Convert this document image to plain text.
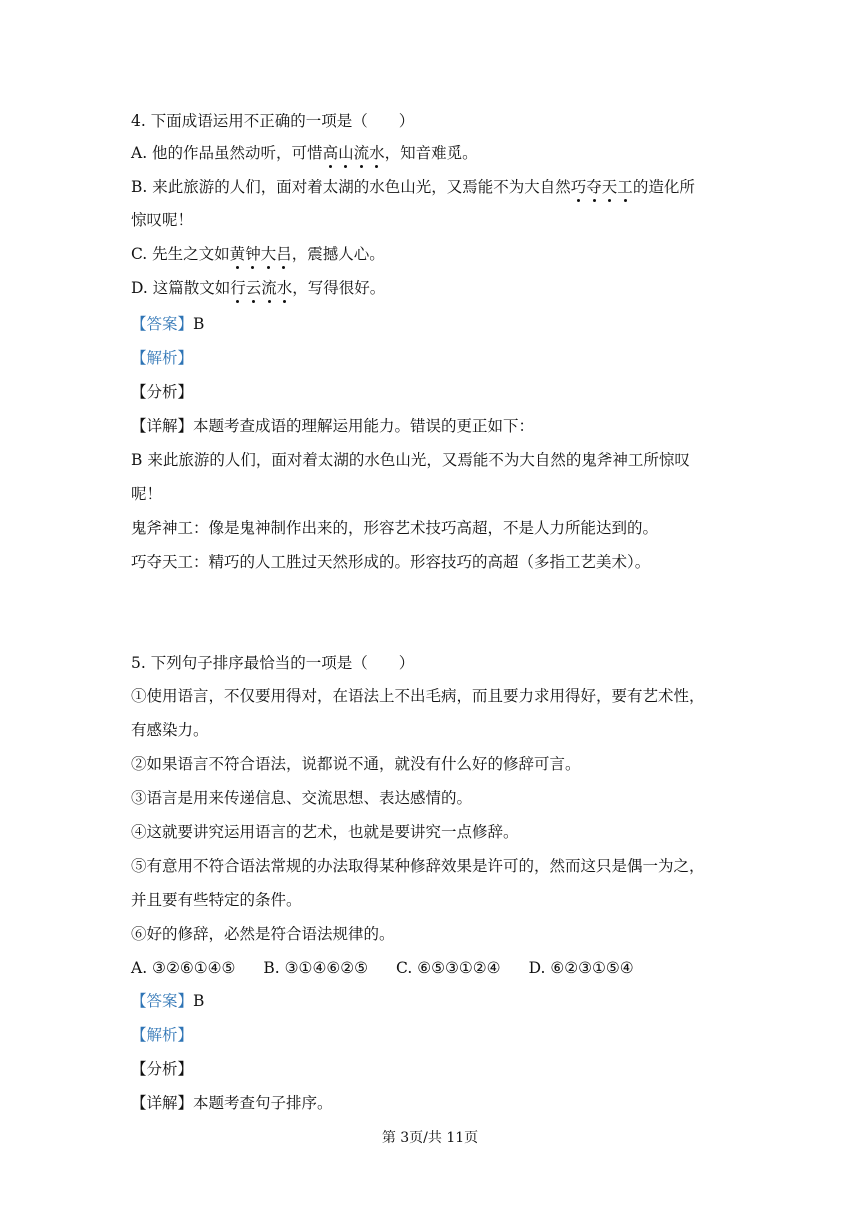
4. 下面成语运用不正确的一项是（　　）
A. 他的作品虽然动听，可惜高山流水，知音难觅。
B. 来此旅游的人们，面对着太湖的水色山光，又焉能不为大自然巧夺天工的造化所
惊叹呢！
C. 先生之文如黄钟大吕，震撼人心。
D. 这篇散文如行云流水，写得很好。
【答案】B
【解析】
【分析】
【详解】本题考查成语的理解运用能力。错误的更正如下：
B 来此旅游的人们，面对着太湖的水色山光，又焉能不为大自然的鬼斧神工所惊叹
呢！
鬼斧神工：像是鬼神制作出来的，形容艺术技巧高超，不是人力所能达到的。
巧夺天工：精巧的人工胜过天然形成的。形容技巧的高超（多指工艺美术）。
5. 下列句子排序最恰当的一项是（　　）
①使用语言，不仅要用得对，在语法上不出毛病，而且要力求用得好，要有艺术性，
有感染力。
②如果语言不符合语法，说都说不通，就没有什么好的修辞可言。
③语言是用来传递信息、交流思想、表达感情的。
④这就要讲究运用语言的艺术，也就是要讲究一点修辞。
⑤有意用不符合语法常规的办法取得某种修辞效果是许可的，然而这只是偶一为之，
并且要有些特定的条件。
⑥好的修辞，必然是符合语法规律的。
A. ③②⑥①④⑤ B. ③①④⑥②⑤ C. ⑥⑤③①②④ D. ⑥②③①⑤④
【答案】B
【解析】
【分析】
【详解】本题考查句子排序。
第 3页/共 11页
